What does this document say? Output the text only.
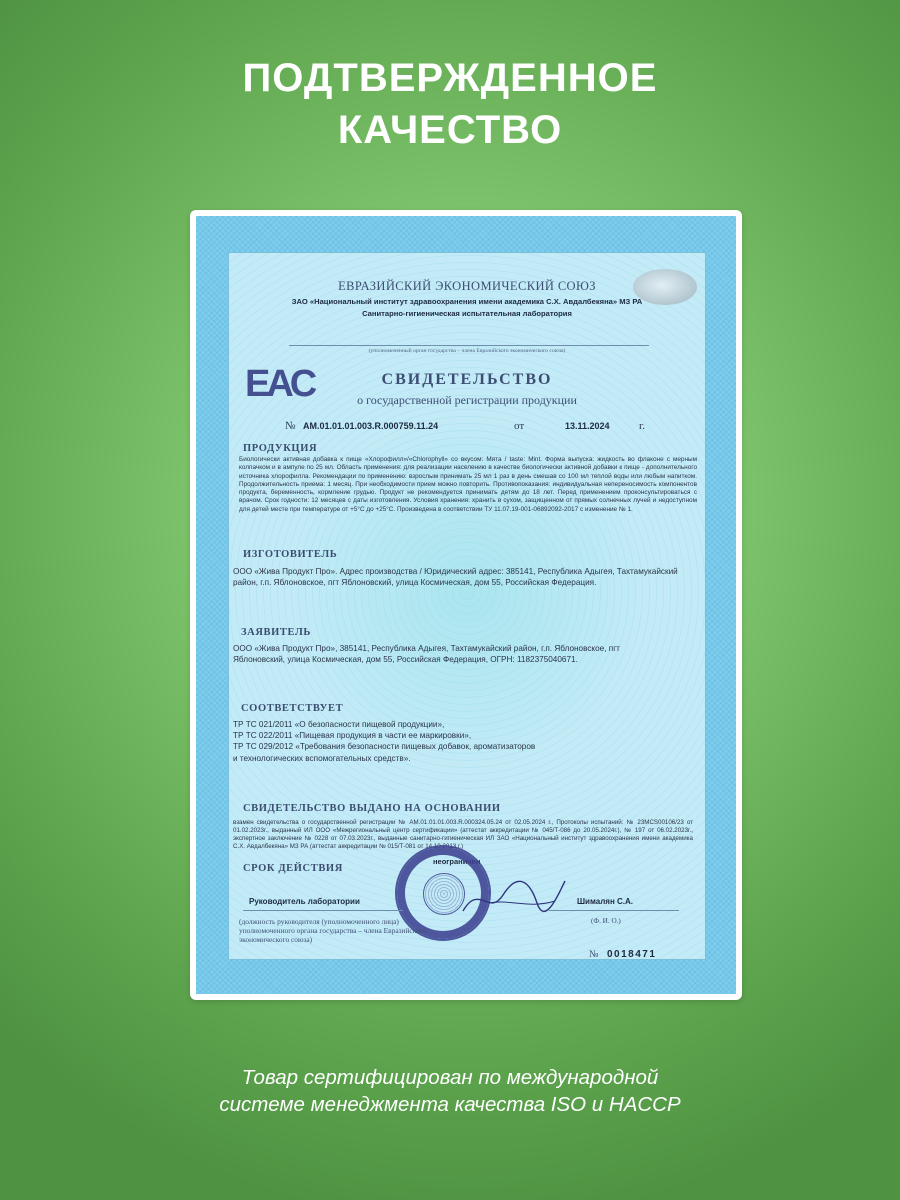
ПОДТВЕРЖДЕННОЕ
КАЧЕСТВО
ЕВРАЗИЙСКИЙ ЭКОНОМИЧЕСКИЙ СОЮЗ
ЗАО «Национальный институт здравоохранения имени академика С.Х. Авдалбекяна» МЗ РА
Санитарно-гигиеническая испытательная лаборатория
(уполномоченный орган государства – члена Евразийского экономического союза)
EAC	СВИДЕТЕЛЬСТВО
о государственной регистрации продукции
№ AM.01.01.01.003.R.000759.11.24	от	13.11.2024	г.
ПРОДУКЦИЯ
Биологически активная добавка к пище «Хлорофилл»/«Chlorophyll» со вкусом: Мята / taste: Mint. Форма выпуска: жидкость во флаконе с мерным колпачком и в ампуле по 25 мл. Область применения: для реализации населению в качестве биологически активной добавки к пище - дополнительного источника хлорофилла. Рекомендации по применению: взрослым принимать 25 мл 1 раз в день смешав со 100 мл теплой воды или любым напитком. Продолжительность приема: 1 месяц. При необходимости прием можно повторить. Противопоказания: индивидуальная непереносимость компонентов продукта, беременность, кормление грудью. Продукт не рекомендуется принимать детям до 18 лет. Перед применением проконсультироваться с врачом. Срок годности: 12 месяцев с даты изготовления. Условия хранения: хранить в сухом, защищенном от прямых солнечных лучей и недоступном для детей месте при температуре от +5°C до +25°C. Произведена в соответствии ТУ 11.07.19-001-06892092-2017 с изменение № 1.
ИЗГОТОВИТЕЛЬ
ООО «Жива Продукт Про». Адрес производства / Юридический адрес: 385141, Республика Адыгея, Тахтамукайский район, г.п. Яблоновское, пгт Яблоновский, улица Космическая, дом 55, Российская Федерация.
ЗАЯВИТЕЛЬ
ООО «Жива Продукт Про», 385141, Республика Адыгея, Тахтамукайский район, г.п. Яблоновское, пгт Яблоновский, улица Космическая, дом 55, Российская Федерация, ОГРН: 1182375040671.
СООТВЕТСТВУЕТ
ТР ТС 021/2011 «О безопасности пищевой продукции»,
ТР ТС 022/2011 «Пищевая продукция в части ее маркировки»,
ТР ТС 029/2012 «Требования безопасности пищевых добавок, ароматизаторов
и технологических вспомогательных средств».
СВИДЕТЕЛЬСТВО ВЫДАНО НА ОСНОВАНИИ
взамен свидетельства о государственной регистрации № AM.01.01.01.003.R.000324.05.24 от 02.05.2024 г., Протоколы испытаний: № 23MCS00106/23 от 01.02.2023г., выданный ИЛ ООО «Межрегиональный центр сертификации» (аттестат аккредитации № 045/Т-086 до 20.05.2024г.), № 197 от 06.02.2023г., экспертное заключение № 0228 от 07.03.2023г., выданные санитарно-гигиеническая ИЛ ЗАО «Национальный институт здравоохранения имени академика С.Х. Авдалбекяна» МЗ РА (аттестат аккредитации № 015/Т-081 от 14.10.2013 г.)
СРОК ДЕЙСТВИЯ
неограничен
Руководитель лаборатории	Шималян С.А.
(Ф. И. О.)
(должность руководителя (уполномоченного лица) уполномоченного органа государства – члена Евразийского экономического союза)
№ 0018471
Товар сертифицирован по международной
системе менеджмента качества ISO и HACCP
